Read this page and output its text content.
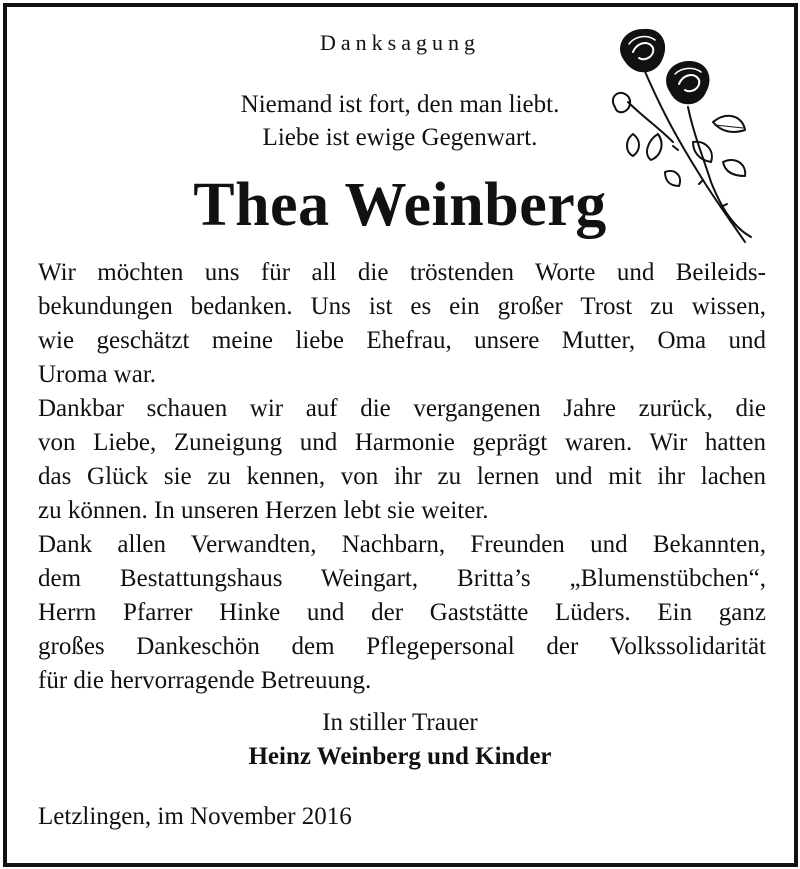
Danksagung
Niemand ist fort, den man liebt.
Liebe ist ewige Gegenwart.
Thea Weinberg
Wir möchten uns für all die tröstenden Worte und Beileids-
bekundungen bedanken. Uns ist es ein großer Trost zu wissen,
wie geschätzt meine liebe Ehefrau, unsere Mutter, Oma und
Uroma war.
Dankbar schauen wir auf die vergangenen Jahre zurück, die
von Liebe, Zuneigung und Harmonie geprägt waren. Wir hatten
das Glück sie zu kennen, von ihr zu lernen und mit ihr lachen
zu können. In unseren Herzen lebt sie weiter.
Dank allen Verwandten, Nachbarn, Freunden und Bekannten,
dem Bestattungshaus Weingart, Britta’s „Blumenstübchen“,
Herrn Pfarrer Hinke und der Gaststätte Lüders. Ein ganz
großes Dankeschön dem Pflegepersonal der Volkssolidarität
für die hervorragende Betreuung.
In stiller Trauer
Heinz Weinberg und Kinder
Letzlingen, im November 2016
